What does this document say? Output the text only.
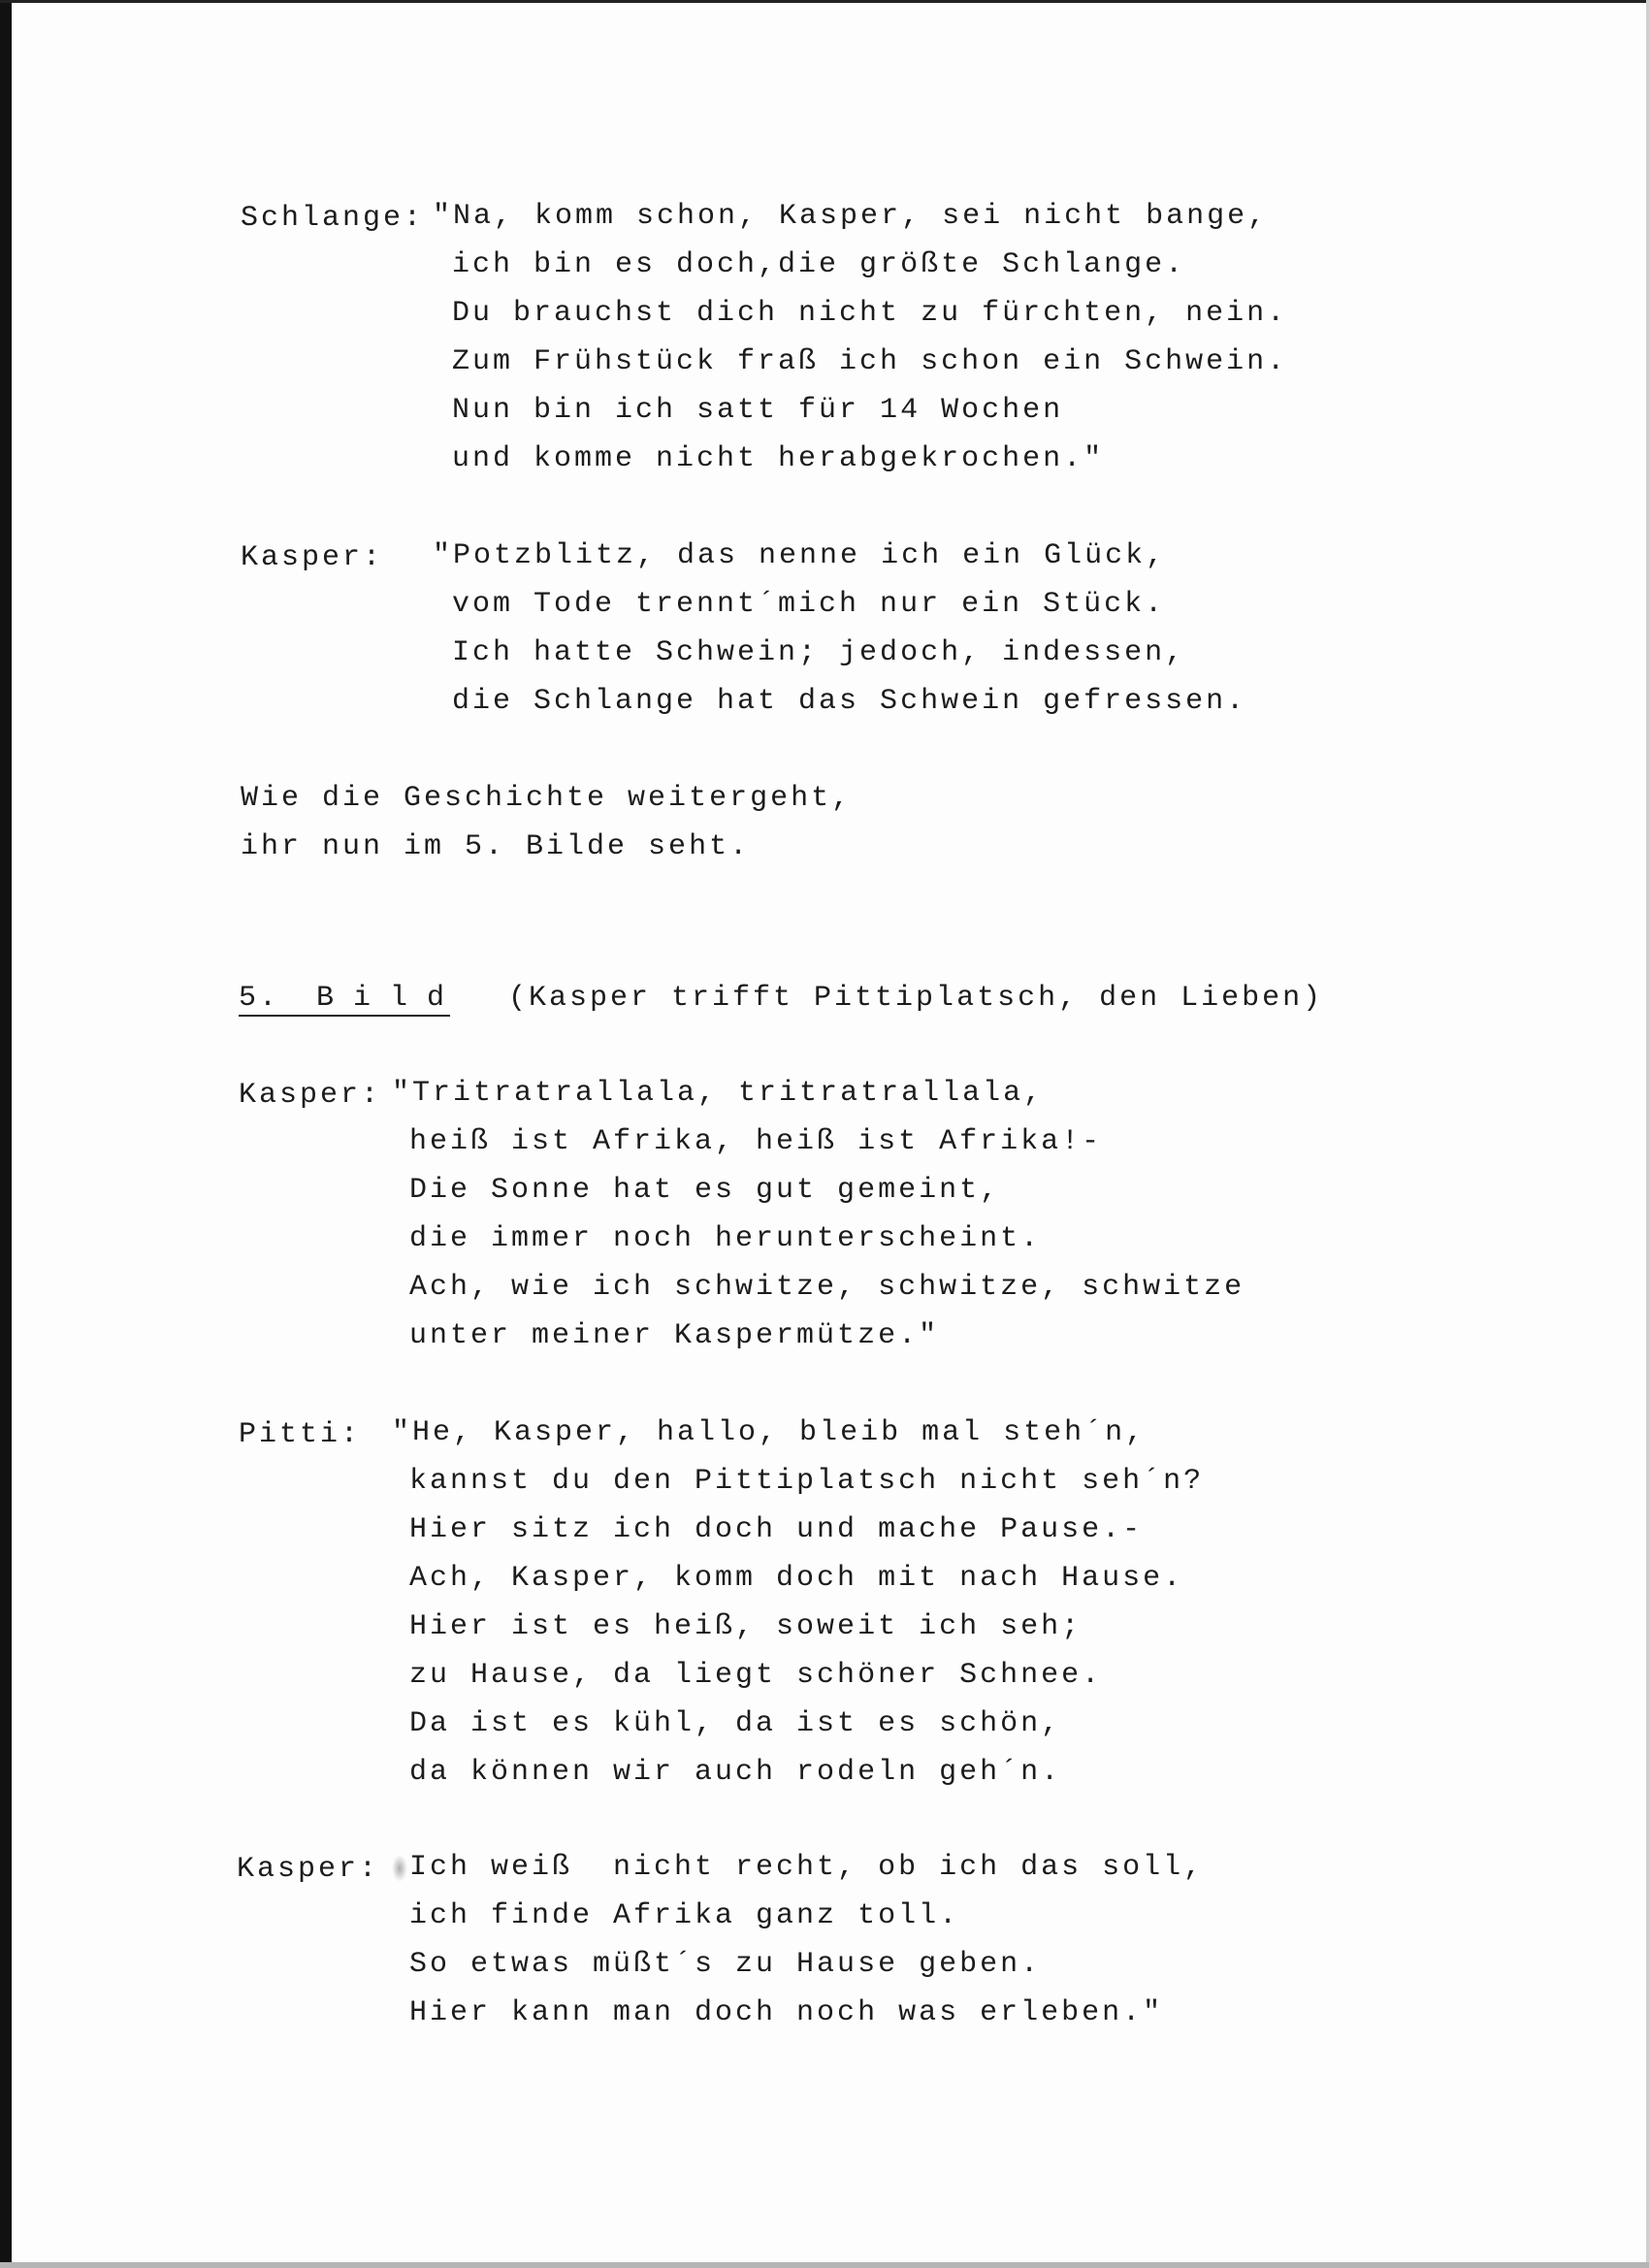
Schlange: "Na, komm schon, Kasper, sei nicht bange,
ich bin es doch,die größte Schlange.
Du brauchst dich nicht zu fürchten, nein.
Zum Frühstück fraß ich schon ein Schwein.
Nun bin ich satt für 14 Wochen
und komme nicht herabgekrochen."
Kasper: "Potzblitz, das nenne ich ein Glück,
vom Tode trennt´mich nur ein Stück.
Ich hatte Schwein; jedoch, indessen,
die Schlange hat das Schwein gefressen.
Wie die Geschichte weitergeht,
ihr nun im 5. Bilde seht.
5. Bild (Kasper trifft Pittiplatsch, den Lieben)
Kasper: "Tritratrallala, tritratrallala,
heiß ist Afrika, heiß ist Afrika!-
Die Sonne hat es gut gemeint,
die immer noch herunterscheint.
Ach, wie ich schwitze, schwitze, schwitze
unter meiner Kaspermütze."
Pitti: "He, Kasper, hallo, bleib mal steh´n,
kannst du den Pittiplatsch nicht seh´n?
Hier sitz ich doch und mache Pause.-
Ach, Kasper, komm doch mit nach Hause.
Hier ist es heiß, soweit ich seh;
zu Hause, da liegt schöner Schnee.
Da ist es kühl, da ist es schön,
da können wir auch rodeln geh´n.
Kasper: Ich weiß  nicht recht, ob ich das soll,
ich finde Afrika ganz toll.
So etwas müßt´s zu Hause geben.
Hier kann man doch noch was erleben."
